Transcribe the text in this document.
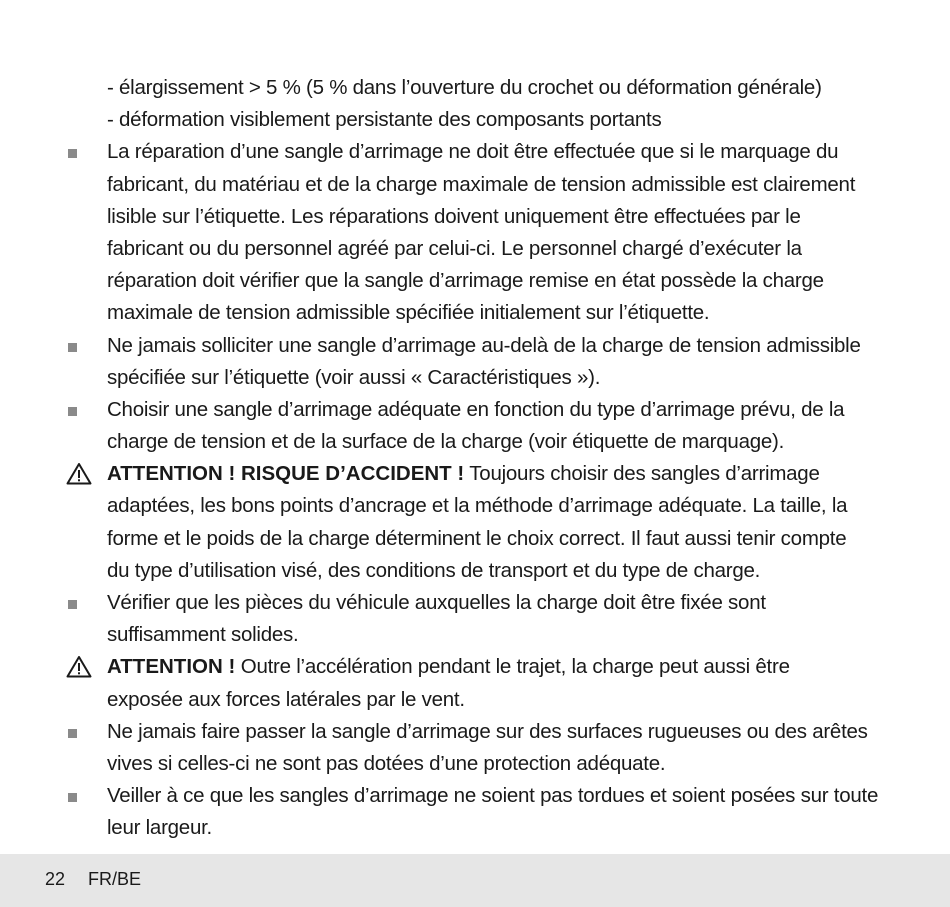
- élargissement > 5 % (5 % dans l’ouverture du crochet ou déformation générale)
- déformation visiblement persistante des composants portants
La réparation d’une sangle d’arrimage ne doit être effectuée que si le marquage du
fabricant, du matériau et de la charge maximale de tension admissible est clairement
lisible sur l’étiquette. Les réparations doivent uniquement être effectuées par le
fabricant ou du personnel agréé par celui-ci. Le personnel chargé d’exécuter la
réparation doit vérifier que la sangle d’arrimage remise en état possède la charge
maximale de tension admissible spécifiée initialement sur l’étiquette.
Ne jamais solliciter une sangle d’arrimage au-delà de la charge de tension admissible
spécifiée sur l’étiquette (voir aussi « Caractéristiques »).
Choisir une sangle d’arrimage adéquate en fonction du type d’arrimage prévu, de la
charge de tension et de la surface de la charge (voir étiquette de marquage).
ATTENTION ! RISQUE D’ACCIDENT ! Toujours choisir des sangles d’arrimage
adaptées, les bons points d’ancrage et la méthode d’arrimage adéquate. La taille, la
forme et le poids de la charge déterminent le choix correct. Il faut aussi tenir compte
du type d’utilisation visé, des conditions de transport et du type de charge.
Vérifier que les pièces du véhicule auxquelles la charge doit être fixée sont
suffisamment solides.
ATTENTION ! Outre l’accélération pendant le trajet, la charge peut aussi être
exposée aux forces latérales par le vent.
Ne jamais faire passer la sangle d’arrimage sur des surfaces rugueuses ou des arêtes
vives si celles-ci ne sont pas dotées d’une protection adéquate.
Veiller à ce que les sangles d’arrimage ne soient pas tordues et soient posées sur toute
leur largeur.
22 FR/BE
